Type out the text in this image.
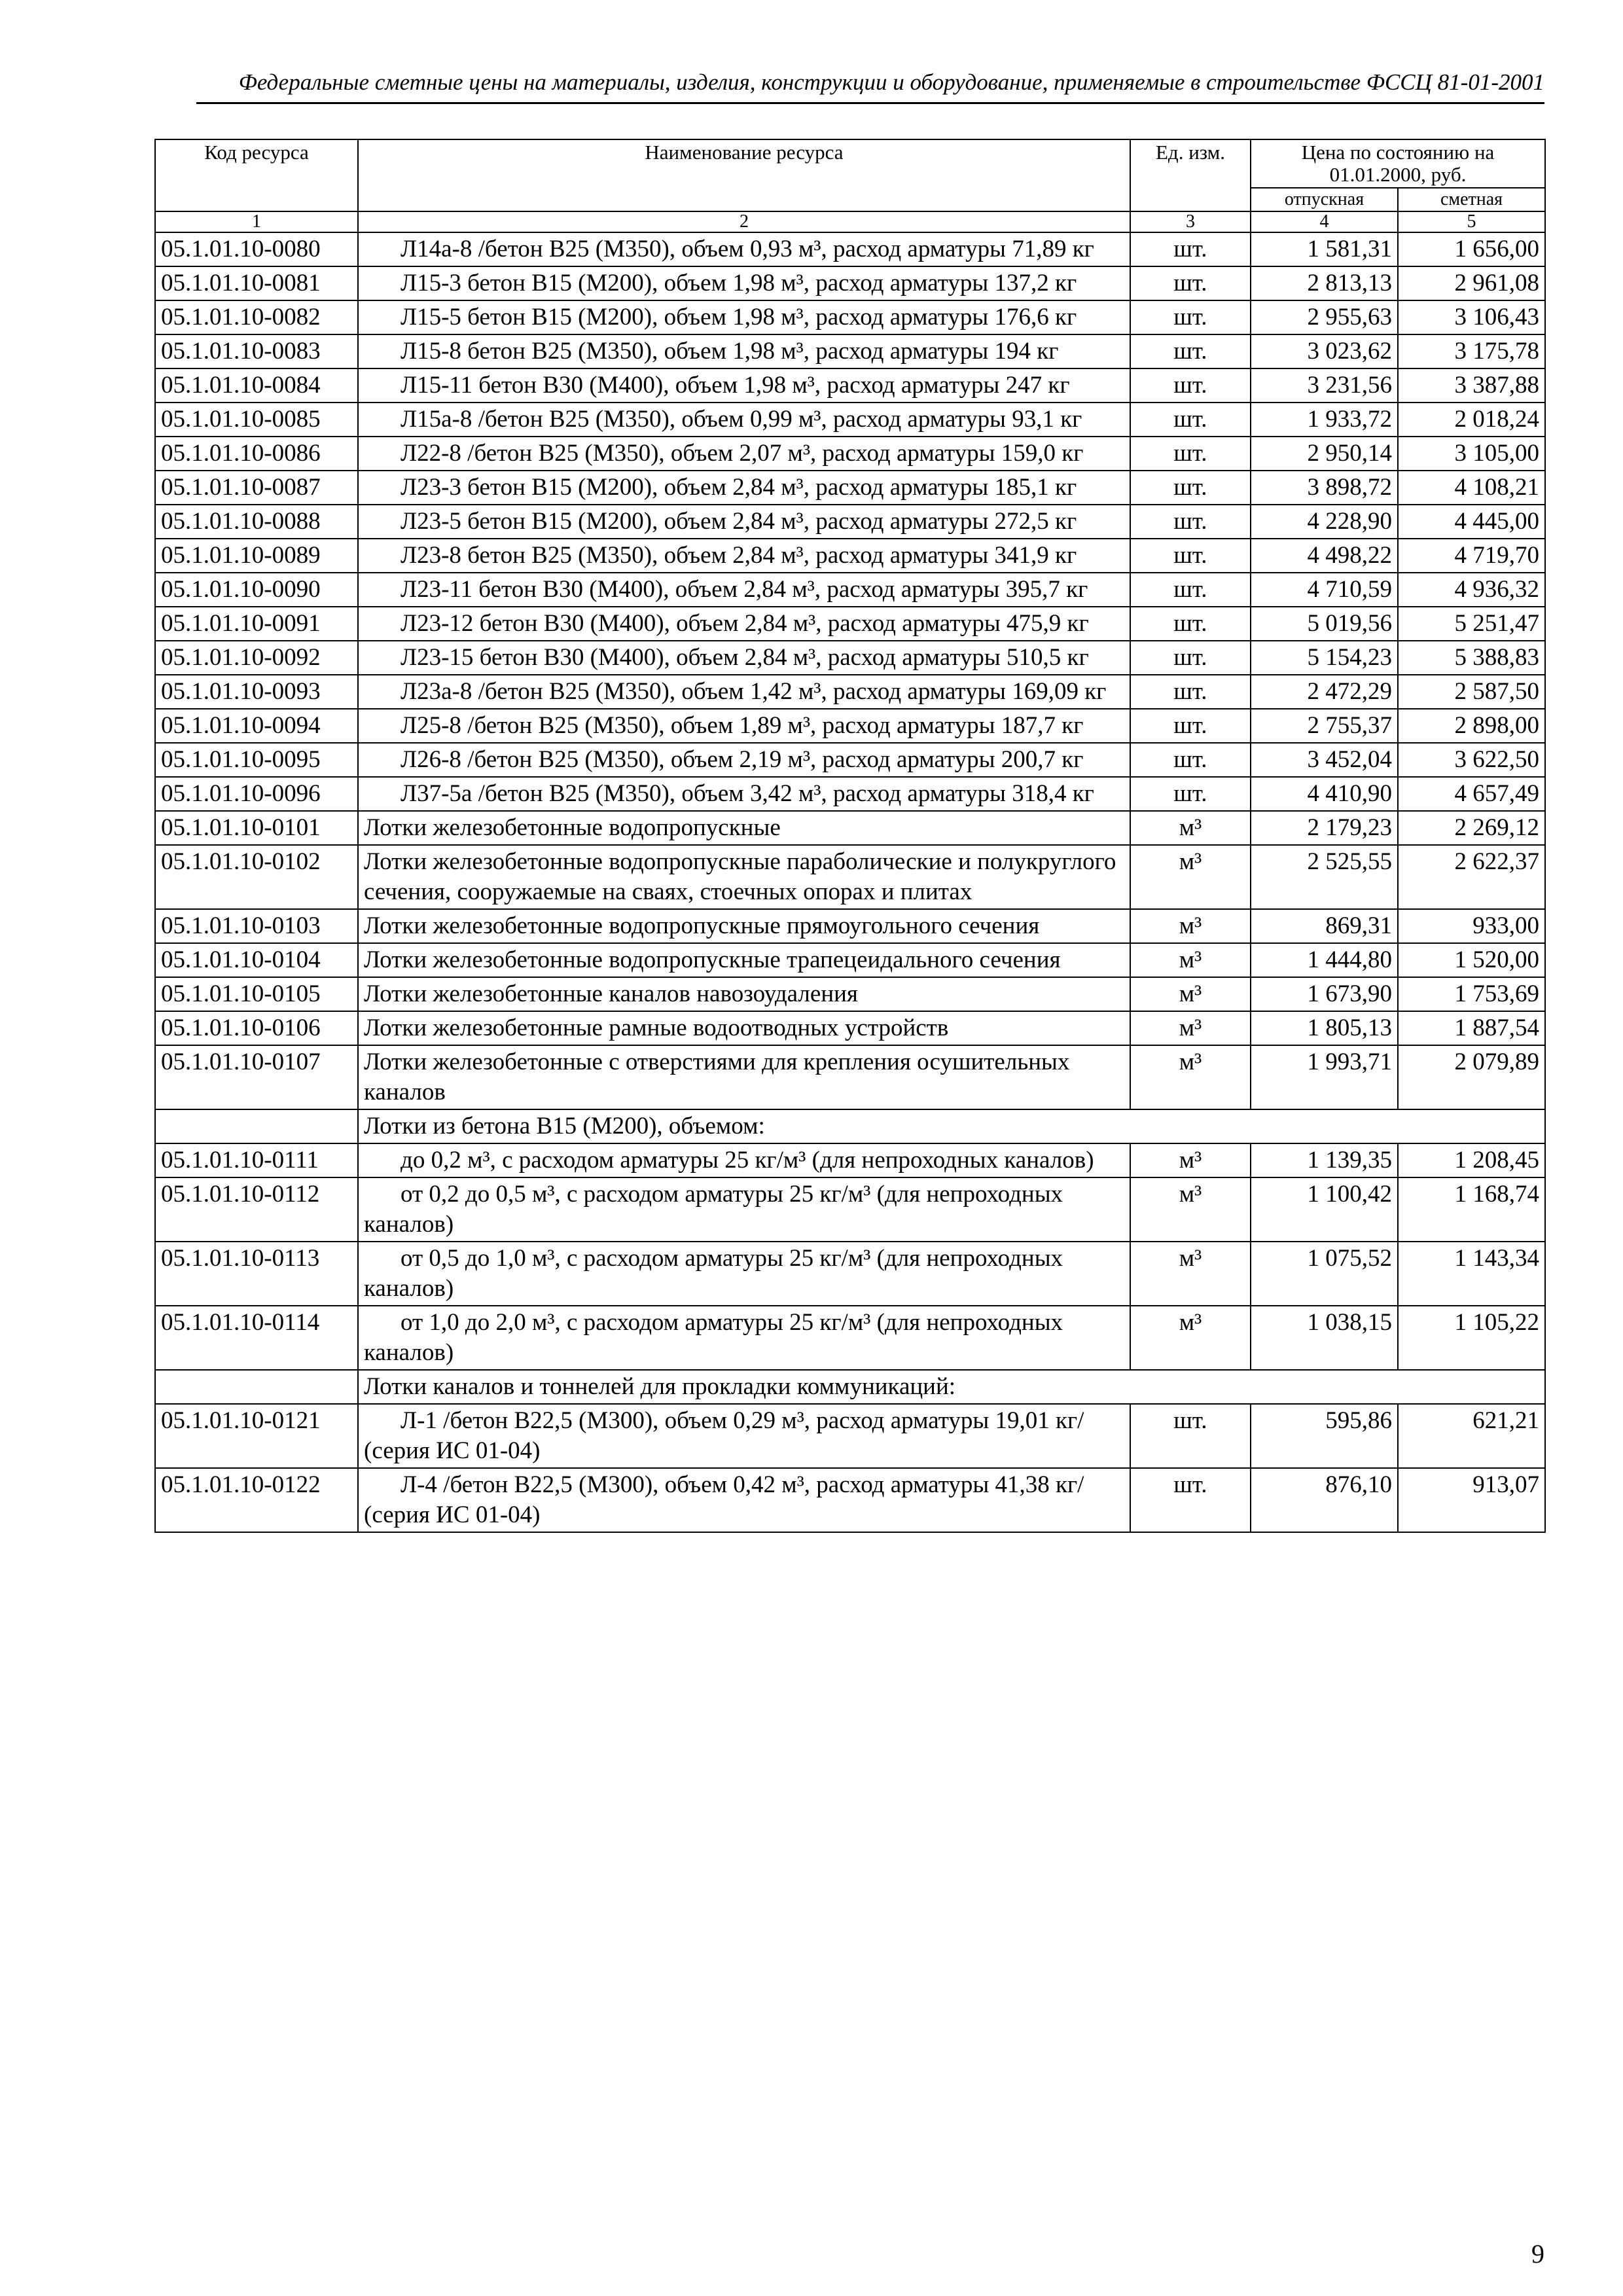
Федеральные сметные цены на материалы, изделия, конструкции и оборудование, применяемые в строительстве ФССЦ 81-01-2001
Код ресурса	Наименование ресурса	Ед. изм.	Цена по состоянию на 01.01.2000, руб.	
			отпускная	сметная
1	2	3	4	5
05.1.01.10-0080	Л14а-8 /бетон В25 (М350), объем 0,93 м³, расход арматуры 71,89 кг	шт.	1 581,31	1 656,00
05.1.01.10-0081	Л15-3 бетон В15 (М200), объем 1,98 м³, расход арматуры 137,2 кг	шт.	2 813,13	2 961,08
05.1.01.10-0082	Л15-5 бетон В15 (М200), объем 1,98 м³, расход арматуры 176,6 кг	шт.	2 955,63	3 106,43
05.1.01.10-0083	Л15-8 бетон В25 (М350), объем 1,98 м³, расход арматуры 194 кг	шт.	3 023,62	3 175,78
05.1.01.10-0084	Л15-11 бетон В30 (М400), объем 1,98 м³, расход арматуры 247 кг	шт.	3 231,56	3 387,88
05.1.01.10-0085	Л15а-8 /бетон В25 (М350), объем 0,99 м³, расход арматуры 93,1 кг	шт.	1 933,72	2 018,24
05.1.01.10-0086	Л22-8 /бетон В25 (М350), объем 2,07 м³, расход арматуры 159,0 кг	шт.	2 950,14	3 105,00
05.1.01.10-0087	Л23-3 бетон В15 (М200), объем 2,84 м³, расход арматуры 185,1 кг	шт.	3 898,72	4 108,21
05.1.01.10-0088	Л23-5 бетон В15 (М200), объем 2,84 м³, расход арматуры 272,5 кг	шт.	4 228,90	4 445,00
05.1.01.10-0089	Л23-8 бетон В25 (М350), объем 2,84 м³, расход арматуры 341,9 кг	шт.	4 498,22	4 719,70
05.1.01.10-0090	Л23-11 бетон В30 (М400), объем 2,84 м³, расход арматуры 395,7 кг	шт.	4 710,59	4 936,32
05.1.01.10-0091	Л23-12 бетон В30 (М400), объем 2,84 м³, расход арматуры 475,9 кг	шт.	5 019,56	5 251,47
05.1.01.10-0092	Л23-15 бетон В30 (М400), объем 2,84 м³, расход арматуры 510,5 кг	шт.	5 154,23	5 388,83
05.1.01.10-0093	Л23а-8 /бетон В25 (М350), объем 1,42 м³, расход арматуры 169,09 кг	шт.	2 472,29	2 587,50
05.1.01.10-0094	Л25-8 /бетон В25 (М350), объем 1,89 м³, расход арматуры 187,7 кг	шт.	2 755,37	2 898,00
05.1.01.10-0095	Л26-8 /бетон В25 (М350), объем 2,19 м³, расход арматуры 200,7 кг	шт.	3 452,04	3 622,50
05.1.01.10-0096	Л37-5а /бетон В25 (М350), объем 3,42 м³, расход арматуры 318,4 кг	шт.	4 410,90	4 657,49
05.1.01.10-0101	Лотки железобетонные водопропускные	м³	2 179,23	2 269,12
05.1.01.10-0102	Лотки железобетонные водопропускные параболические и полукруглого сечения, сооружаемые на сваях, стоечных опорах и плитах	м³	2 525,55	2 622,37
05.1.01.10-0103	Лотки железобетонные водопропускные прямоугольного сечения	м³	869,31	933,00
05.1.01.10-0104	Лотки железобетонные водопропускные трапецеидального сечения	м³	1 444,80	1 520,00
05.1.01.10-0105	Лотки железобетонные каналов навозоудаления	м³	1 673,90	1 753,69
05.1.01.10-0106	Лотки железобетонные рамные водоотводных устройств	м³	1 805,13	1 887,54
05.1.01.10-0107	Лотки железобетонные с отверстиями для крепления осушительных каналов	м³	1 993,71	2 079,89
	Лотки из бетона В15 (М200), объемом:			
05.1.01.10-0111	до 0,2 м³, с расходом арматуры 25 кг/м³ (для непроходных каналов)	м³	1 139,35	1 208,45
05.1.01.10-0112	от 0,2 до 0,5 м³, с расходом арматуры 25 кг/м³ (для непроходных каналов)	м³	1 100,42	1 168,74
05.1.01.10-0113	от 0,5 до 1,0 м³, с расходом арматуры 25 кг/м³ (для непроходных каналов)	м³	1 075,52	1 143,34
05.1.01.10-0114	от 1,0 до 2,0 м³, с расходом арматуры 25 кг/м³ (для непроходных каналов)	м³	1 038,15	1 105,22
	Лотки каналов и тоннелей для прокладки коммуникаций:			
05.1.01.10-0121	Л-1 /бетон В22,5 (М300), объем 0,29 м³, расход арматуры 19,01 кг/ (серия ИС 01-04)	шт.	595,86	621,21
05.1.01.10-0122	Л-4 /бетон В22,5 (М300), объем 0,42 м³, расход арматуры 41,38 кг/ (серия ИС 01-04)	шт.	876,10	913,07
9
